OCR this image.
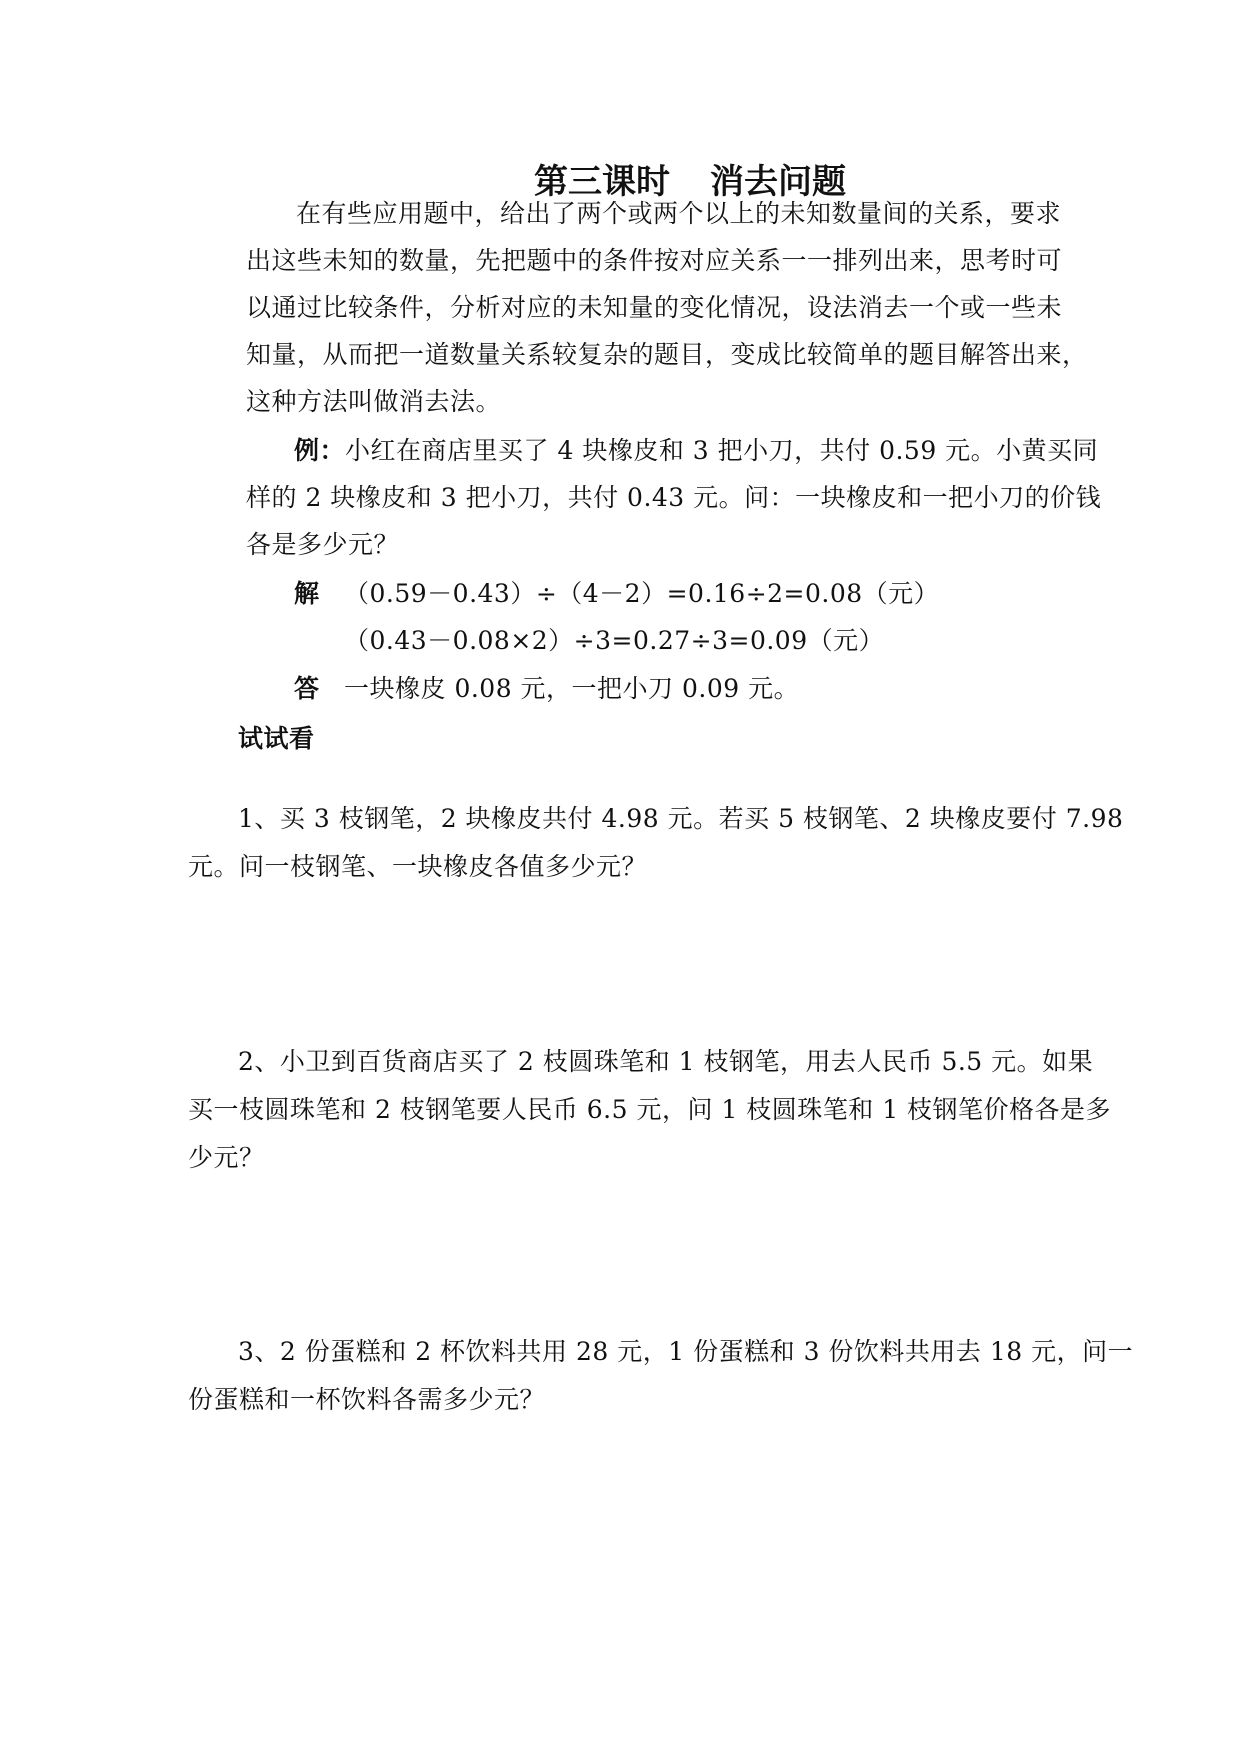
第三课时 消去问题
在有些应用题中，给出了两个或两个以上的未知数量间的关系，要求
出这些未知的数量，先把题中的条件按对应关系一一排列出来，思考时可
以通过比较条件，分析对应的未知量的变化情况，设法消去一个或一些未
知量，从而把一道数量关系较复杂的题目，变成比较简单的题目解答出来，
这种方法叫做消去法。
例：小红在商店里买了 4 块橡皮和 3 把小刀，共付 0.59 元。小黄买同
样的 2 块橡皮和 3 把小刀，共付 0.43 元。问：一块橡皮和一把小刀的价钱
各是多少元？
解 （0.59－0.43）÷（4－2）=0.16÷2=0.08（元）
（0.43－0.08×2）÷3=0.27÷3=0.09（元）
答 一块橡皮 0.08 元，一把小刀 0.09 元。
试试看
1、买 3 枝钢笔，2 块橡皮共付 4.98 元。若买 5 枝钢笔、2 块橡皮要付 7.98
元。问一枝钢笔、一块橡皮各值多少元？
2、小卫到百货商店买了 2 枝圆珠笔和 1 枝钢笔，用去人民币 5.5 元。如果
买一枝圆珠笔和 2 枝钢笔要人民币 6.5 元，问 1 枝圆珠笔和 1 枝钢笔价格各是多
少元？
3、2 份蛋糕和 2 杯饮料共用 28 元，1 份蛋糕和 3 份饮料共用去 18 元，问一
份蛋糕和一杯饮料各需多少元？
